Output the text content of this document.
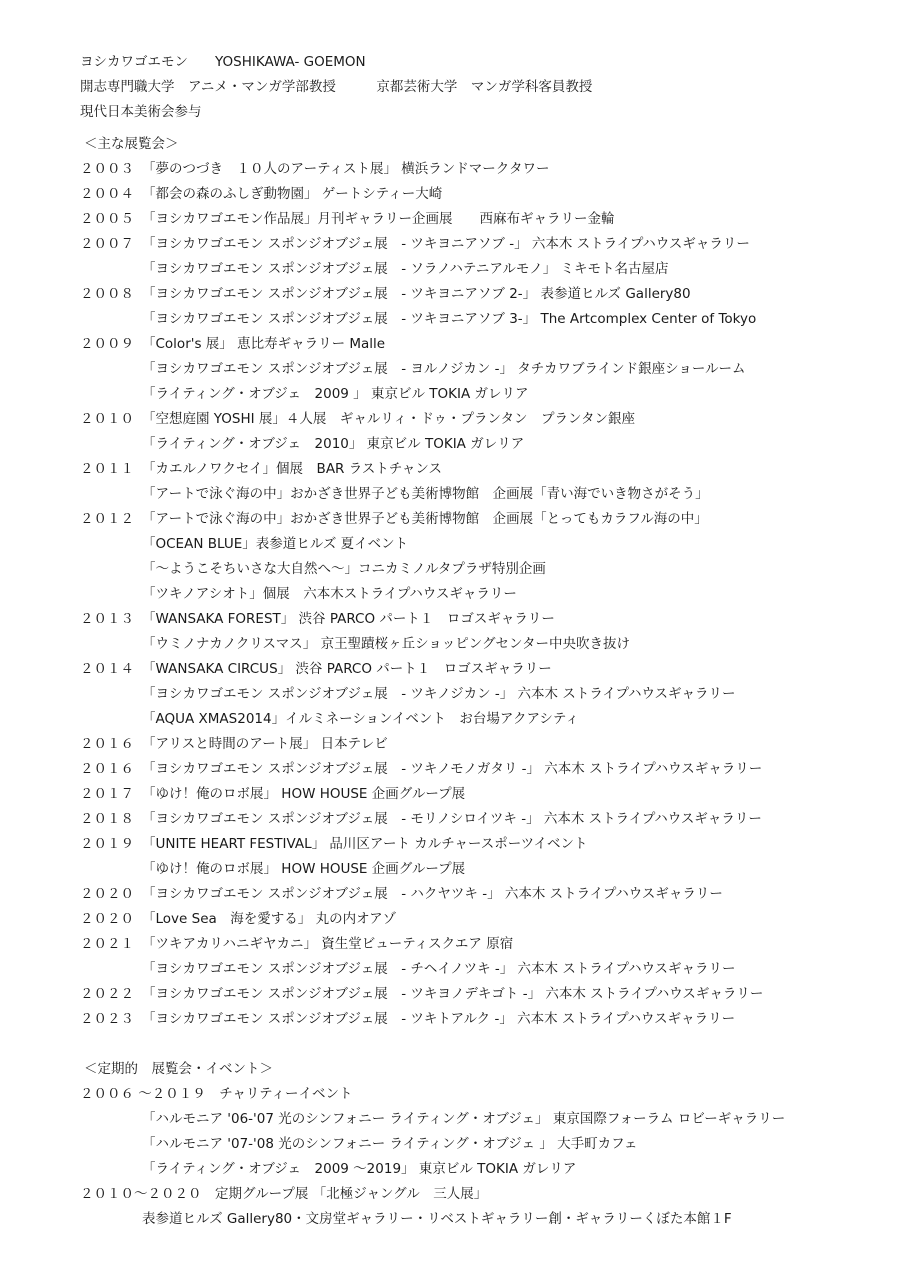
ヨシカワゴエモン　　YOSHIKAWA- GOEMON
開志専門職大学　アニメ・マンガ学部教授　　　京都芸術大学　マンガ学科客員教授
現代日本美術会参与
＜主な展覧会＞
２００３ 「夢のつづき　１０人のアーティスト展」 横浜ランドマークタワー
２００４ 「都会の森のふしぎ動物園」 ゲートシティー大崎
２００５ 「ヨシカワゴエモン作品展」月刊ギャラリー企画展　　西麻布ギャラリー金輪
２００７ 「ヨシカワゴエモン スポンジオブジェ展　- ツキヨニアソブ -」 六本木 ストライプハウスギャラリー
「ヨシカワゴエモン スポンジオブジェ展　- ソラノハテニアルモノ」 ミキモト名古屋店
２００８ 「ヨシカワゴエモン スポンジオブジェ展　- ツキヨニアソブ 2-」 表参道ヒルズ Gallery80
「ヨシカワゴエモン スポンジオブジェ展　- ツキヨニアソブ 3-」 The Artcomplex Center of Tokyo
２００９ 「Color's 展」 恵比寿ギャラリー Malle
「ヨシカワゴエモン スポンジオブジェ展　- ヨルノジカン -」 タチカワブラインド銀座ショールーム
「ライティング・オブジェ　2009 」 東京ビル TOKIA ガレリア
２０１０ 「空想庭園 YOSHI 展」４人展　ギャルリィ・ドゥ・プランタン　プランタン銀座
「ライティング・オブジェ　2010」 東京ビル TOKIA ガレリア
２０１１ 「カエルノワクセイ」個展　BAR ラストチャンス
「アートで泳ぐ海の中」おかざき世界子ども美術博物館　企画展「青い海でいき物さがそう」
２０１２ 「アートで泳ぐ海の中」おかざき世界子ども美術博物館　企画展「とってもカラフル海の中」
「OCEAN BLUE」表参道ヒルズ 夏イベント
「〜ようこそちいさな大自然へ〜」コニカミノルタプラザ特別企画
「ツキノアシオト」個展　六本木ストライプハウスギャラリー
２０１３ 「WANSAKA FOREST」 渋谷 PARCO パート１　ロゴスギャラリー
「ウミノナカノクリスマス」 京王聖蹟桜ヶ丘ショッピングセンター中央吹き抜け
２０１４ 「WANSAKA CIRCUS」 渋谷 PARCO パート１　ロゴスギャラリー
「ヨシカワゴエモン スポンジオブジェ展　- ツキノジカン -」 六本木 ストライプハウスギャラリー
「AQUA XMAS2014」イルミネーションイベント　お台場アクアシティ
２０１６ 「アリスと時間のアート展」 日本テレビ
２０１６ 「ヨシカワゴエモン スポンジオブジェ展　- ツキノモノガタリ -」 六本木 ストライプハウスギャラリー
２０１７ 「ゆけ！俺のロボ展」 HOW HOUSE 企画グループ展
２０１８ 「ヨシカワゴエモン スポンジオブジェ展　- モリノシロイツキ -」 六本木 ストライプハウスギャラリー
２０１９ 「UNITE HEART FESTIVAL」 品川区アート カルチャースポーツイベント
「ゆけ！俺のロボ展」 HOW HOUSE 企画グループ展
２０２０ 「ヨシカワゴエモン スポンジオブジェ展　- ハクヤツキ -」 六本木 ストライプハウスギャラリー
２０２０ 「Love Sea　海を愛する」 丸の内オアゾ
２０２１ 「ツキアカリハニギヤカニ」 資生堂ビューティスクエア 原宿
「ヨシカワゴエモン スポンジオブジェ展　- チヘイノツキ -」 六本木 ストライプハウスギャラリー
２０２２ 「ヨシカワゴエモン スポンジオブジェ展　- ツキヨノデキゴト -」 六本木 ストライプハウスギャラリー
２０２３ 「ヨシカワゴエモン スポンジオブジェ展　- ツキトアルク -」 六本木 ストライプハウスギャラリー
＜定期的　展覧会・イベント＞
２００６ 〜２０１９　チャリティーイベント
「ハルモニア '06-'07 光のシンフォニー ライティング・オブジェ」 東京国際フォーラム ロビーギャラリー
「ハルモニア '07-'08 光のシンフォニー ライティング・オブジェ 」 大手町カフェ
「ライティング・オブジェ　2009 〜2019」 東京ビル TOKIA ガレリア
２０１０〜２０２０　定期グループ展 「北極ジャングル　三人展」
表参道ヒルズ Gallery80・文房堂ギャラリー・リベストギャラリー創・ギャラリーくぼた本館１F
